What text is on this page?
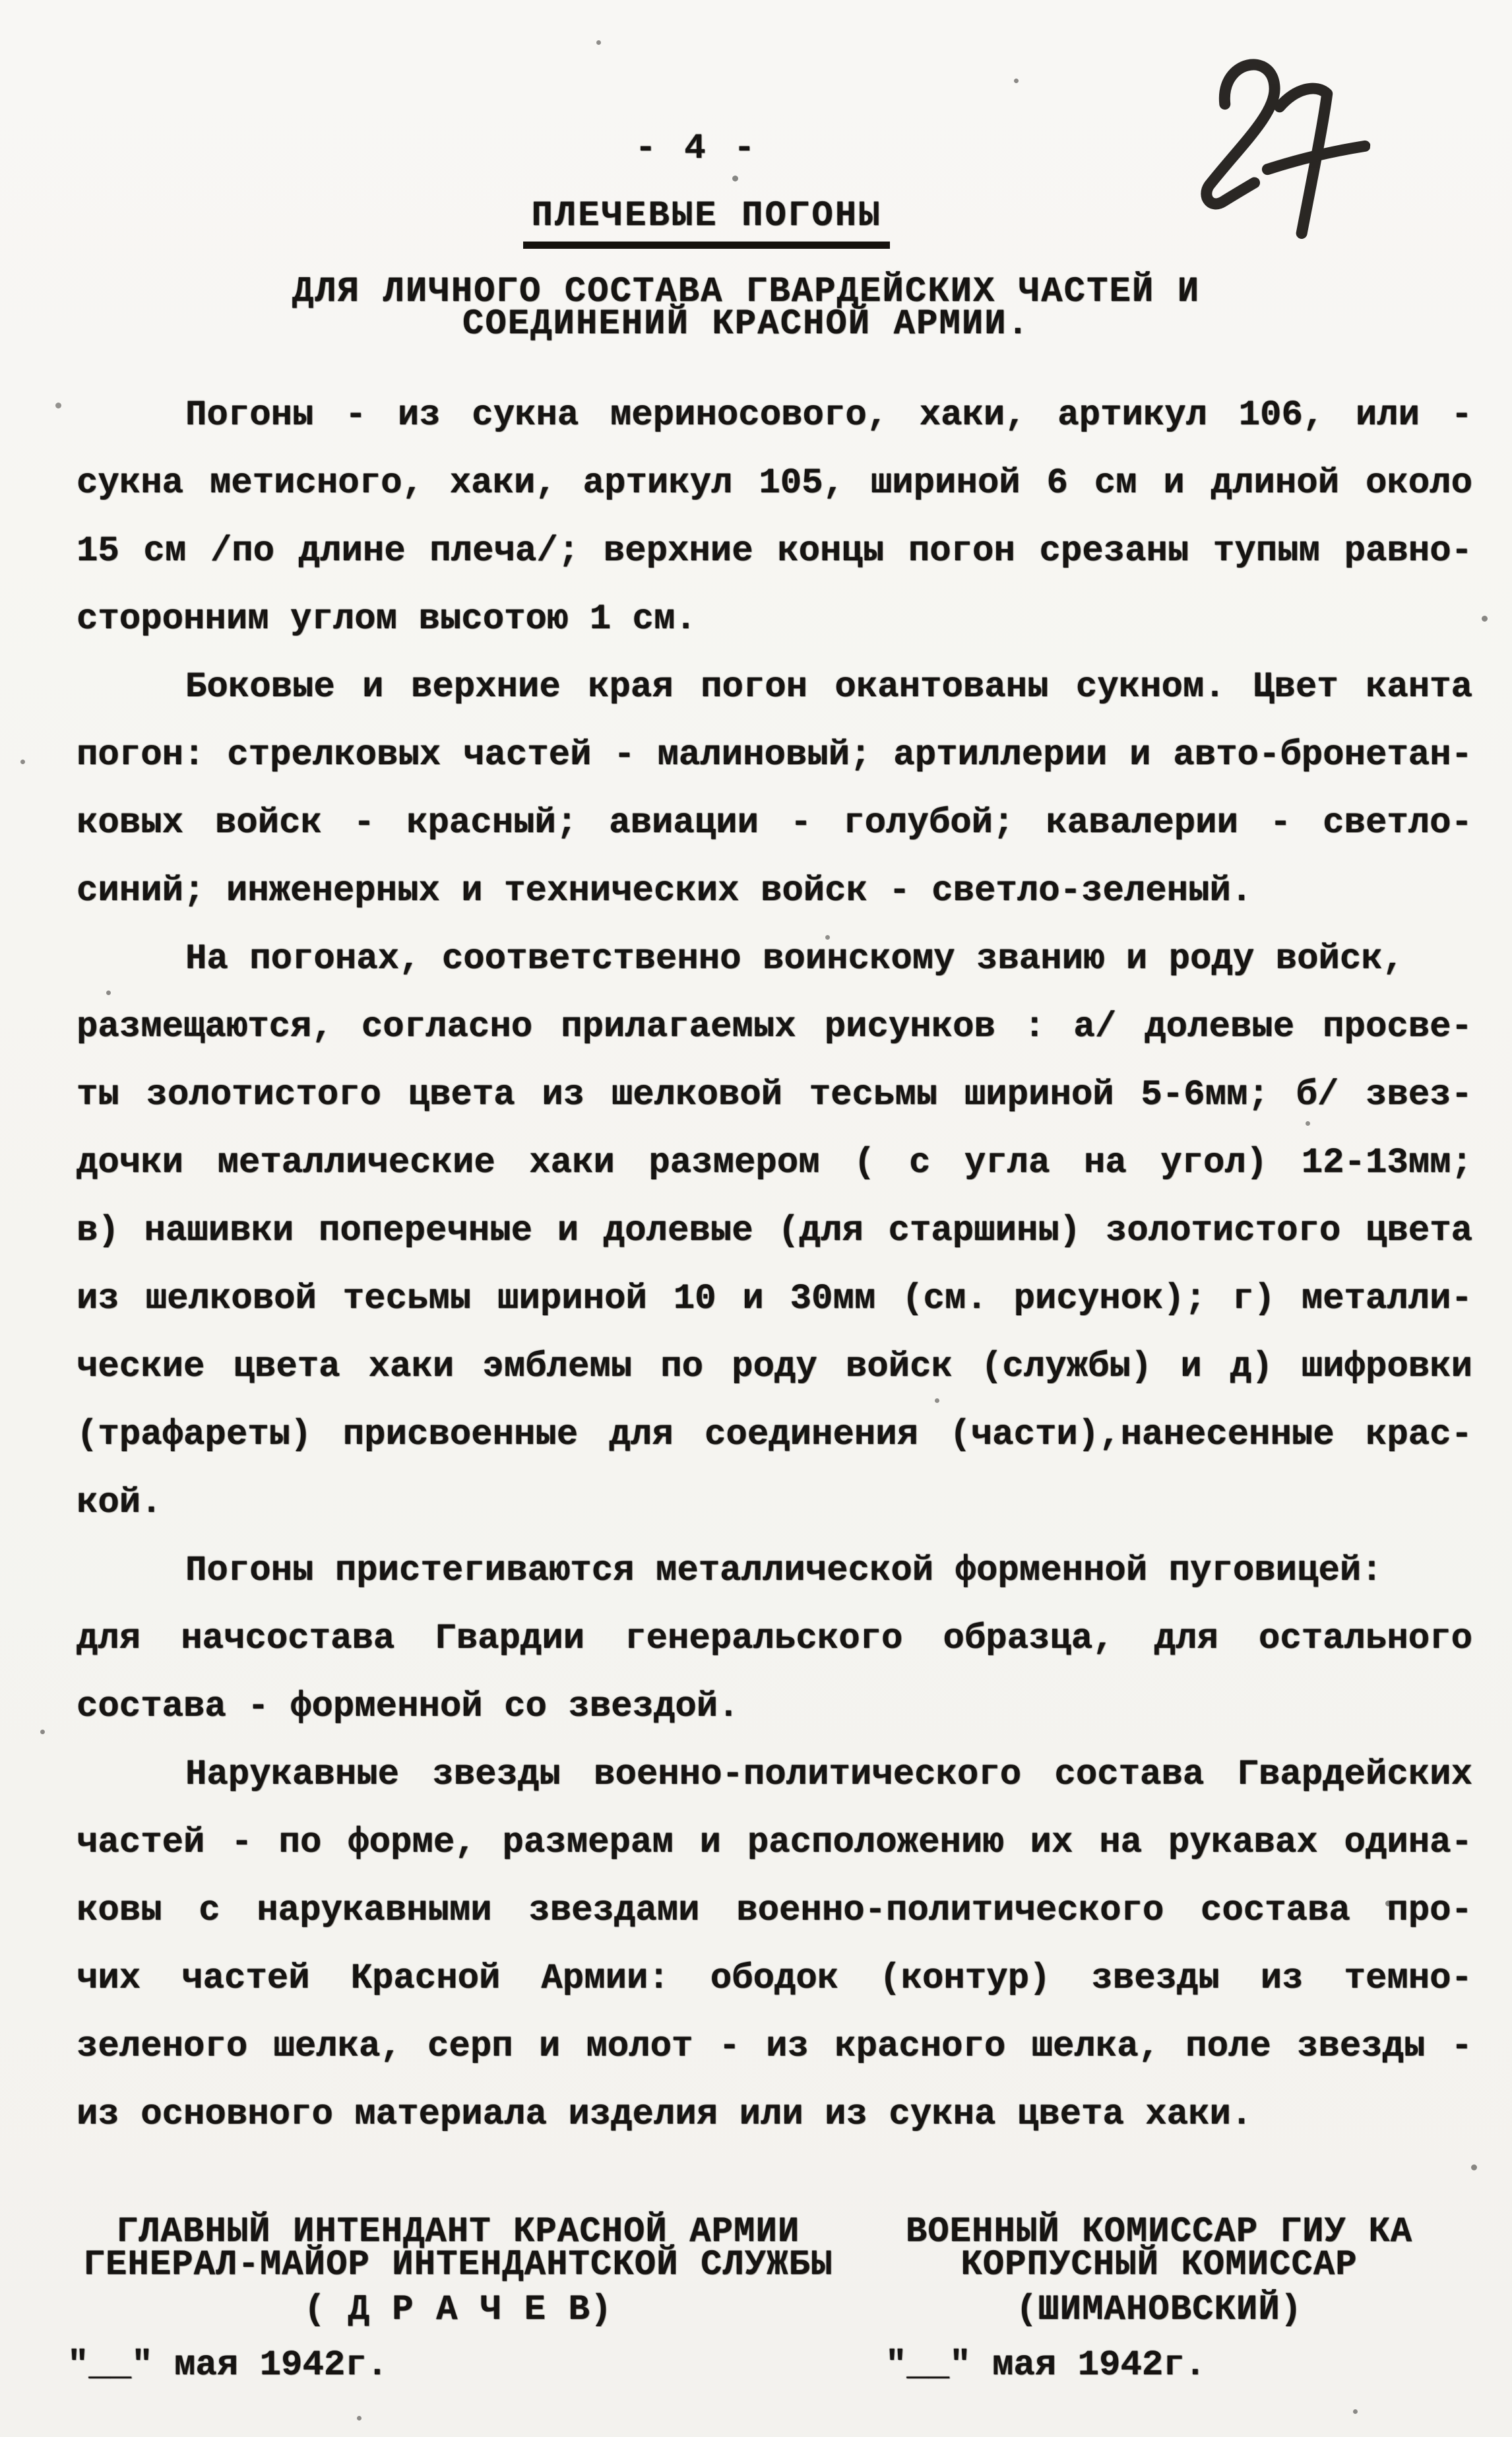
- 4 -
ПЛЕЧЕВЫЕ ПОГОНЫ
ДЛЯ ЛИЧНОГО СОСТАВА ГВАРДЕЙСКИХ ЧАСТЕЙ И
СОЕДИНЕНИЙ КРАСНОЙ АРМИИ.
Погоны - из сукна мериносового, хаки, артикул 106, или -
сукна метисного, хаки, артикул 105, шириной 6 см и длиной около
15 см /по длине плеча/; верхние концы погон срезаны тупым равно-
сторонним углом высотою 1 см.
Боковые и верхние края погон окантованы сукном. Цвет канта
погон: стрелковых частей - малиновый; артиллерии и авто-бронетан-
ковых войск - красный; авиации - голубой; кавалерии - светло-
синий; инженерных и технических войск - светло-зеленый.
На погонах, соответственно воинскому званию и роду войск,
размещаются, согласно прилагаемых рисунков : а/ долевые просве-
ты золотистого цвета из шелковой тесьмы шириной 5-6мм; б/ звез-
дочки металлические хаки размером ( с угла на угол) 12-13мм;
в) нашивки поперечные и долевые (для старшины) золотистого цвета
из шелковой тесьмы шириной 10 и 30мм (см. рисунок); г) металли-
ческие цвета хаки эмблемы по роду войск (службы) и д) шифровки
(трафареты) присвоенные для соединения (части),нанесенные крас-
кой.
Погоны пристегиваются металлической форменной пуговицей:
для начсостава Гвардии генеральского образца, для остального
состава - форменной со звездой.
Нарукавные звезды военно-политического состава Гвардейских
частей - по форме, размерам и расположению их на рукавах одина-
ковы с нарукавными звездами военно-политического состава про-
чих частей Красной Армии: ободок (контур) звезды из темно-
зеленого шелка, серп и молот - из красного шелка, поле звезды -
из основного материала изделия или из сукна цвета хаки.
ГЛАВНЫЙ ИНТЕНДАНТ КРАСНОЙ АРМИИ
ГЕНЕРАЛ-МАЙОР ИНТЕНДАНТСКОЙ СЛУЖБЫ
( Д Р А Ч Е В)
"__" мая 1942г.
ВОЕННЫЙ КОМИССАР ГИУ КА
КОРПУСНЫЙ КОМИССАР
(ШИМАНОВСКИЙ)
"__" мая 1942г.
